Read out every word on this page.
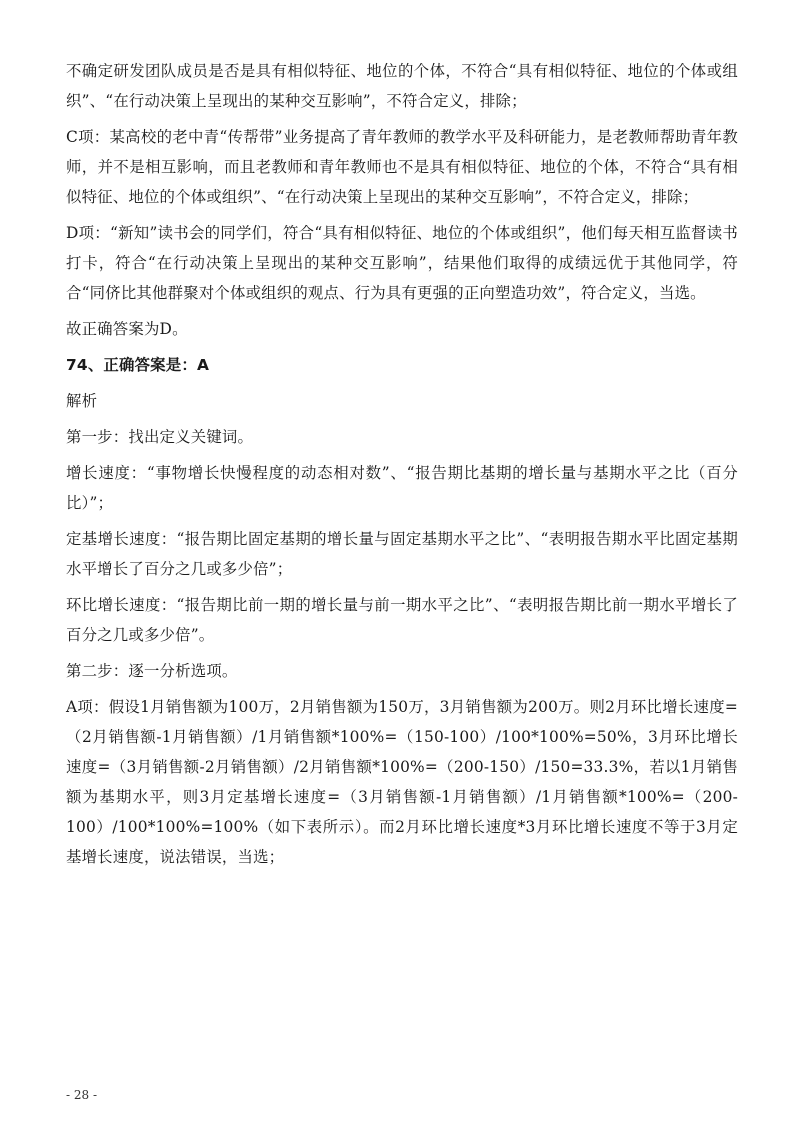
不确定研发团队成员是否是具有相似特征、地位的个体，不符合“具有相似特征、地位的个体或组织”、“在行动决策上呈现出的某种交互影响”，不符合定义，排除；

C项：某高校的老中青“传帮带”业务提高了青年教师的教学水平及科研能力，是老教师帮助青年教师，并不是相互影响，而且老教师和青年教师也不是具有相似特征、地位的个体，不符合“具有相似特征、地位的个体或组织”、“在行动决策上呈现出的某种交互影响”，不符合定义，排除；

D项：“新知”读书会的同学们，符合“具有相似特征、地位的个体或组织”，他们每天相互监督读书打卡，符合“在行动决策上呈现出的某种交互影响”，结果他们取得的成绩远优于其他同学，符合“同侪比其他群聚对个体或组织的观点、行为具有更强的正向塑造功效”，符合定义，当选。

故正确答案为D。

74、正确答案是：A

解析

第一步：找出定义关键词。

增长速度：“事物增长快慢程度的动态相对数”、“报告期比基期的增长量与基期水平之比（百分比）”；

定基增长速度：“报告期比固定基期的增长量与固定基期水平之比”、“表明报告期水平比固定基期水平增长了百分之几或多少倍”；

环比增长速度：“报告期比前一期的增长量与前一期水平之比”、“表明报告期比前一期水平增长了百分之几或多少倍”。

第二步：逐一分析选项。

A项：假设1月销售额为100万，2月销售额为150万，3月销售额为200万。则2月环比增长速度=（2月销售额-1月销售额）/1月销售额*100%=（150-100）/100*100%=50%，3月环比增长速度=（3月销售额-2月销售额）/2月销售额*100%=（200-150）/150=33.3%，若以1月销售额为基期水平，则3月定基增长速度=（3月销售额-1月销售额）/1月销售额*100%=（200-100）/100*100%=100%（如下表所示）。而2月环比增长速度*3月环比增长速度不等于3月定基增长速度，说法错误，当选；

- 28 -
